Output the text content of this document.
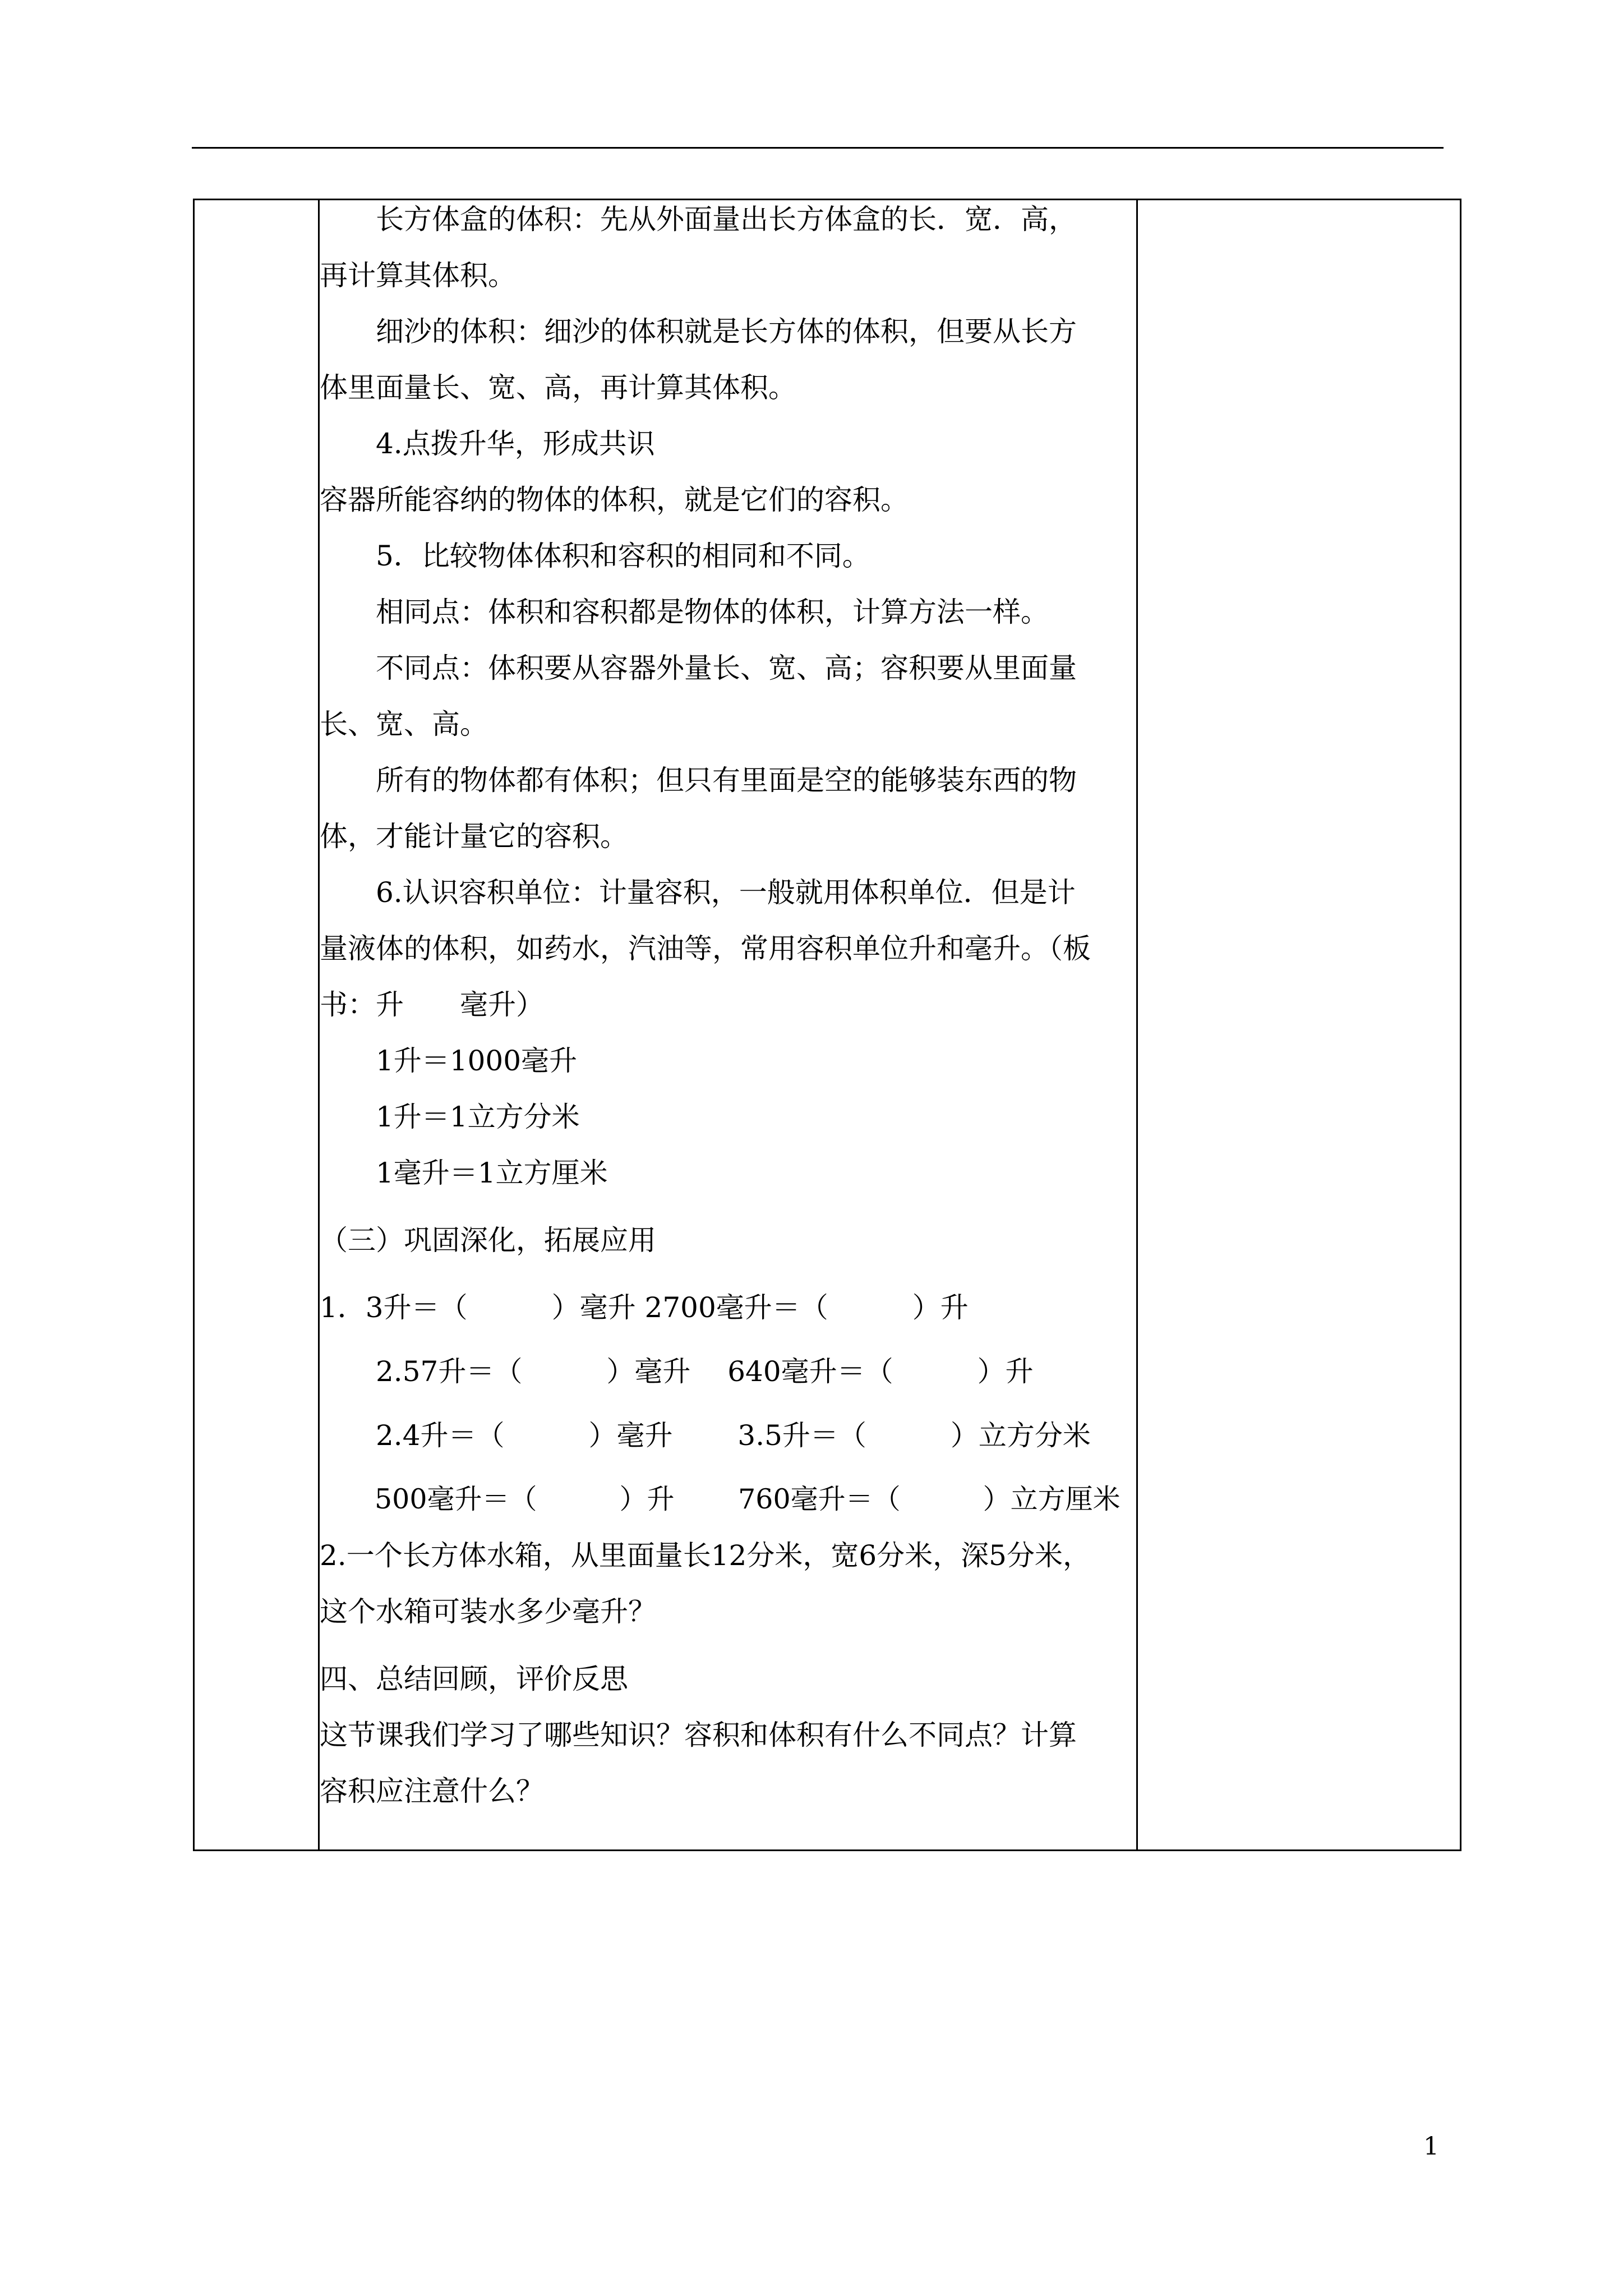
　　长方体盒的体积：先从外面量出长方体盒的长．宽．高，
再计算其体积。
　　细沙的体积：细沙的体积就是长方体的体积，但要从长方
体里面量长、宽、高，再计算其体积。
　　4.点拨升华，形成共识
容器所能容纳的物体的体积，就是它们的容积。
　　5．比较物体体积和容积的相同和不同。
　　相同点：体积和容积都是物体的体积，计算方法一样。
　　不同点：体积要从容器外量长、宽、高；容积要从里面量
长、宽、高。
　　所有的物体都有体积；但只有里面是空的能够装东西的物
体，才能计量它的容积。
　　6.认识容积单位：计量容积，一般就用体积单位．但是计
量液体的体积，如药水，汽油等，常用容积单位升和毫升。（板
书：升　　毫升）
　　1升＝1000毫升
　　1升＝1立方分米
　　1毫升＝1立方厘米
（三）巩固深化，拓展应用
1．3升＝（　　　）毫升 2700毫升＝（　　　）升
　　2.57升＝（　　　）毫升　 640毫升＝（　　　）升
　　2.4升＝（　　　）毫升　　 3.5升＝（　　　）立方分米
　　500毫升＝（　　　）升　　 760毫升＝（　　　）立方厘米
2.一个长方体水箱，从里面量长12分米，宽6分米，深5分米，
这个水箱可装水多少毫升？
四、总结回顾，评价反思
这节课我们学习了哪些知识？容积和体积有什么不同点？计算
容积应注意什么？

1
